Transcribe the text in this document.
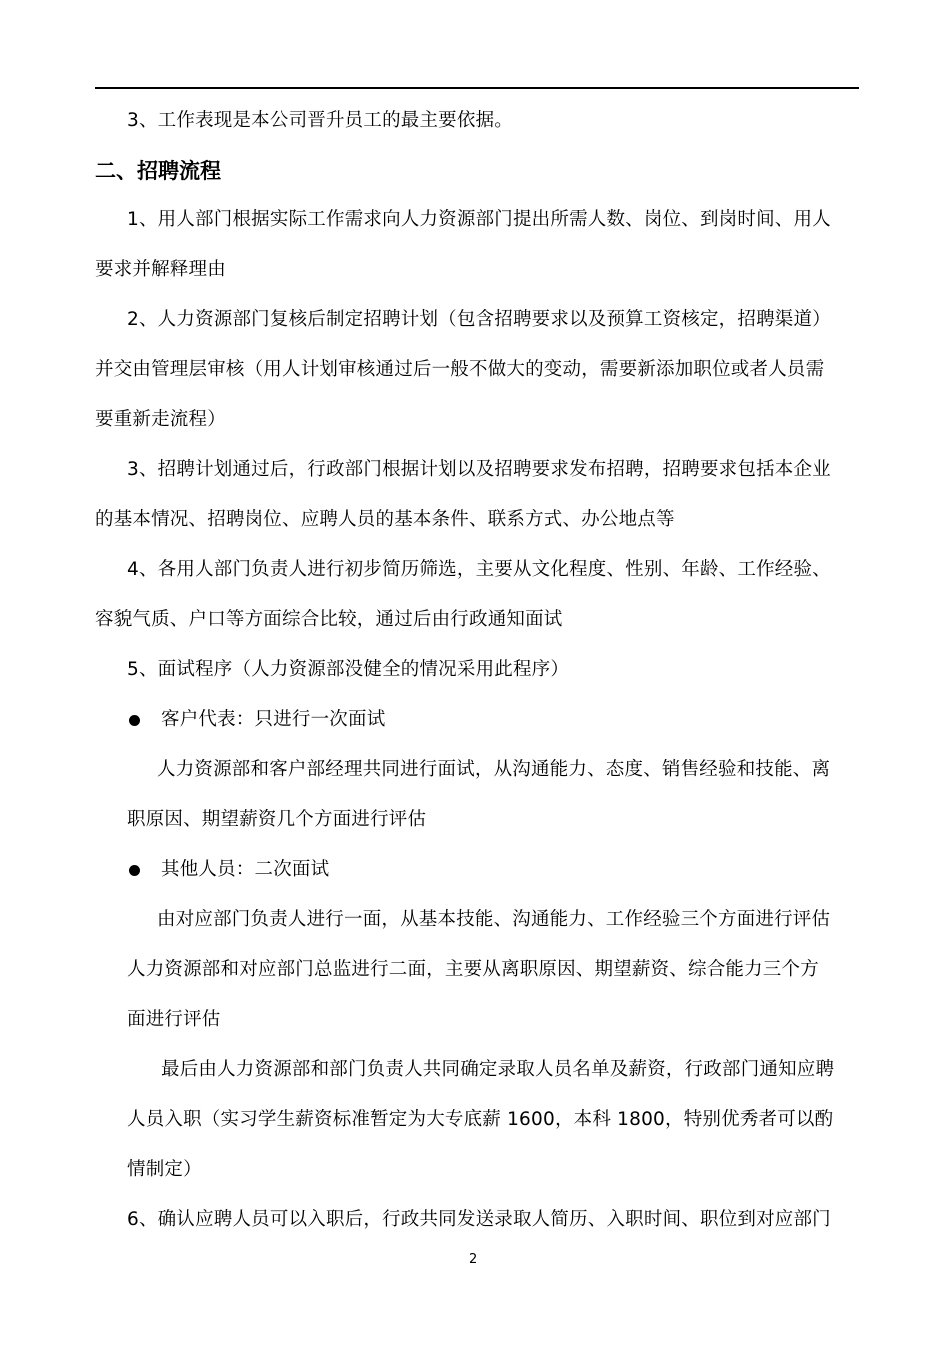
3、工作表现是本公司晋升员工的最主要依据。
二、招聘流程
1、用人部门根据实际工作需求向人力资源部门提出所需人数、岗位、到岗时间、用人
要求并解释理由
2、人力资源部门复核后制定招聘计划（包含招聘要求以及预算工资核定，招聘渠道）
并交由管理层审核（用人计划审核通过后一般不做大的变动，需要新添加职位或者人员需
要重新走流程）
3、招聘计划通过后，行政部门根据计划以及招聘要求发布招聘，招聘要求包括本企业
的基本情况、招聘岗位、应聘人员的基本条件、联系方式、办公地点等
4、各用人部门负责人进行初步简历筛选，主要从文化程度、性别、年龄、工作经验、
容貌气质、户口等方面综合比较，通过后由行政通知面试
5、面试程序（人力资源部没健全的情况采用此程序）
客户代表：只进行一次面试
人力资源部和客户部经理共同进行面试，从沟通能力、态度、销售经验和技能、离
职原因、期望薪资几个方面进行评估
其他人员：二次面试
由对应部门负责人进行一面，从基本技能、沟通能力、工作经验三个方面进行评估
人力资源部和对应部门总监进行二面，主要从离职原因、期望薪资、综合能力三个方
面进行评估
最后由人力资源部和部门负责人共同确定录取人员名单及薪资，行政部门通知应聘
人员入职（实习学生薪资标准暂定为大专底薪 1600，本科 1800，特别优秀者可以酌
情制定）
6、确认应聘人员可以入职后，行政共同发送录取人简历、入职时间、职位到对应部门
2
